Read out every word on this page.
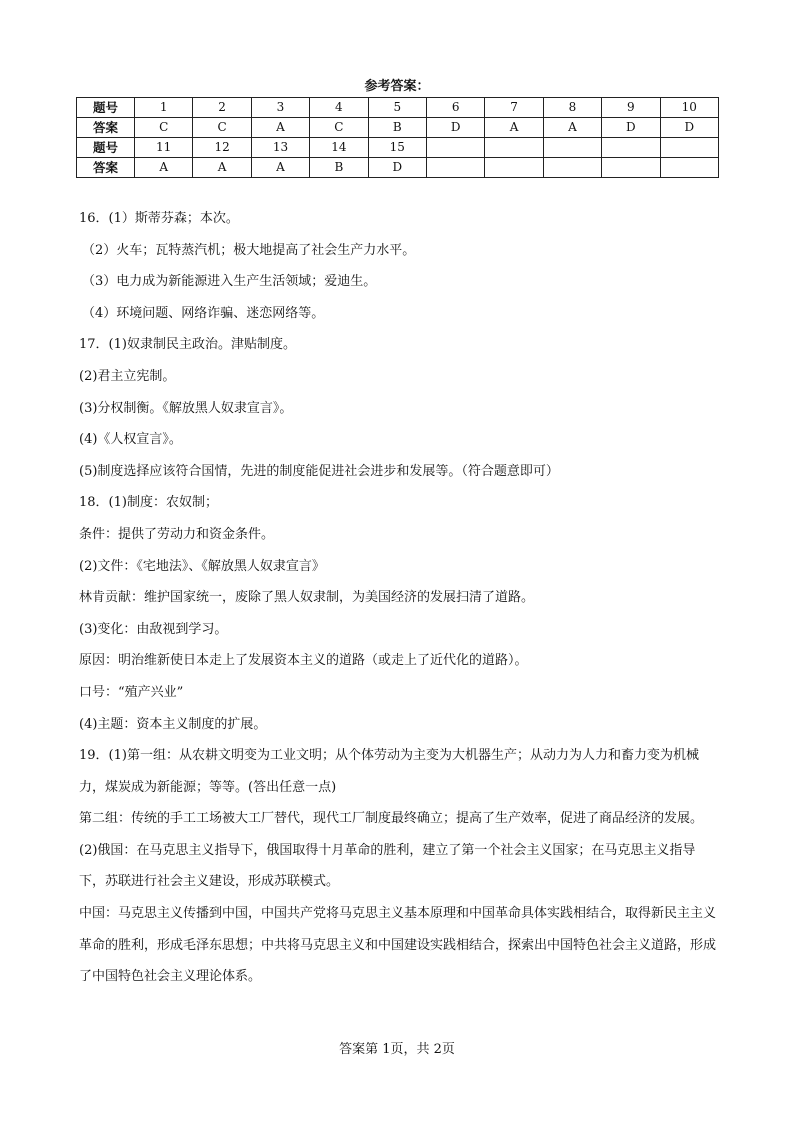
参考答案：
题号	1	2	3	4	5	6	7	8	9	10
答案	C	C	A	C	B	D	A	A	D	D
题号	11	12	13	14	15					
答案	A	A	A	B	D					

16．(1）斯蒂芬森；本次。

（2）火车；瓦特蒸汽机；极大地提高了社会生产力水平。

（3）电力成为新能源进入生产生活领域；爱迪生。

（4）环境问题、网络诈骗、迷恋网络等。

17．(1)奴隶制民主政治。津贴制度。

(2)君主立宪制。

(3)分权制衡。《解放黑人奴隶宣言》。

(4)《人权宣言》。

(5)制度选择应该符合国情，先进的制度能促进社会进步和发展等。（符合题意即可）

18．(1)制度：农奴制；

条件：提供了劳动力和资金条件。

(2)文件：《宅地法》、《解放黑人奴隶宣言》

林肯贡献：维护国家统一，废除了黑人奴隶制，为美国经济的发展扫清了道路。

(3)变化：由敌视到学习。

原因：明治维新使日本走上了发展资本主义的道路（或走上了近代化的道路）。

口号：“殖产兴业”

(4)主题：资本主义制度的扩展。

19．(1)第一组：从农耕文明变为工业文明；从个体劳动为主变为大机器生产；从动力为人力和畜力变为机械力，煤炭成为新能源；等等。(答出任意一点)

第二组：传统的手工工场被大工厂替代，现代工厂制度最终确立；提高了生产效率，促进了商品经济的发展。

(2)俄国：在马克思主义指导下，俄国取得十月革命的胜利，建立了第一个社会主义国家；在马克思主义指导下，苏联进行社会主义建设，形成苏联模式。

中国：马克思主义传播到中国，中国共产党将马克思主义基本原理和中国革命具体实践相结合，取得新民主主义革命的胜利，形成毛泽东思想；中共将马克思主义和中国建设实践相结合，探索出中国特色社会主义道路，形成了中国特色社会主义理论体系。

答案第 1页，共 2页
